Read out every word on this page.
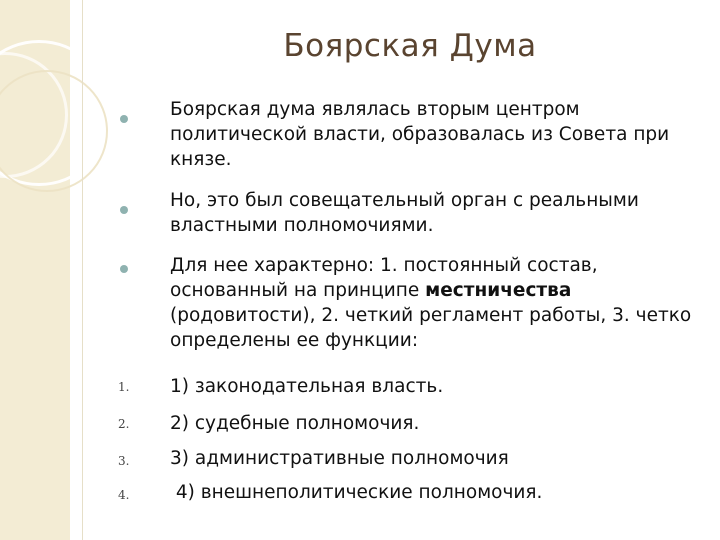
Боярская Дума
Боярская дума являлась вторым центром политической власти, образовалась из Совета при князе.
Но, это был совещательный орган с реальными властными полномочиями.
Для нее характерно: 1. постоянный состав, основанный на принципе местничества (родовитости), 2. четкий регламент работы, 3. четко определены ее функции:
1. 1) законодательная власть.
2. 2) судебные полномочия.
3. 3) административные полномочия
4. 4) внешнеполитические полномочия.
